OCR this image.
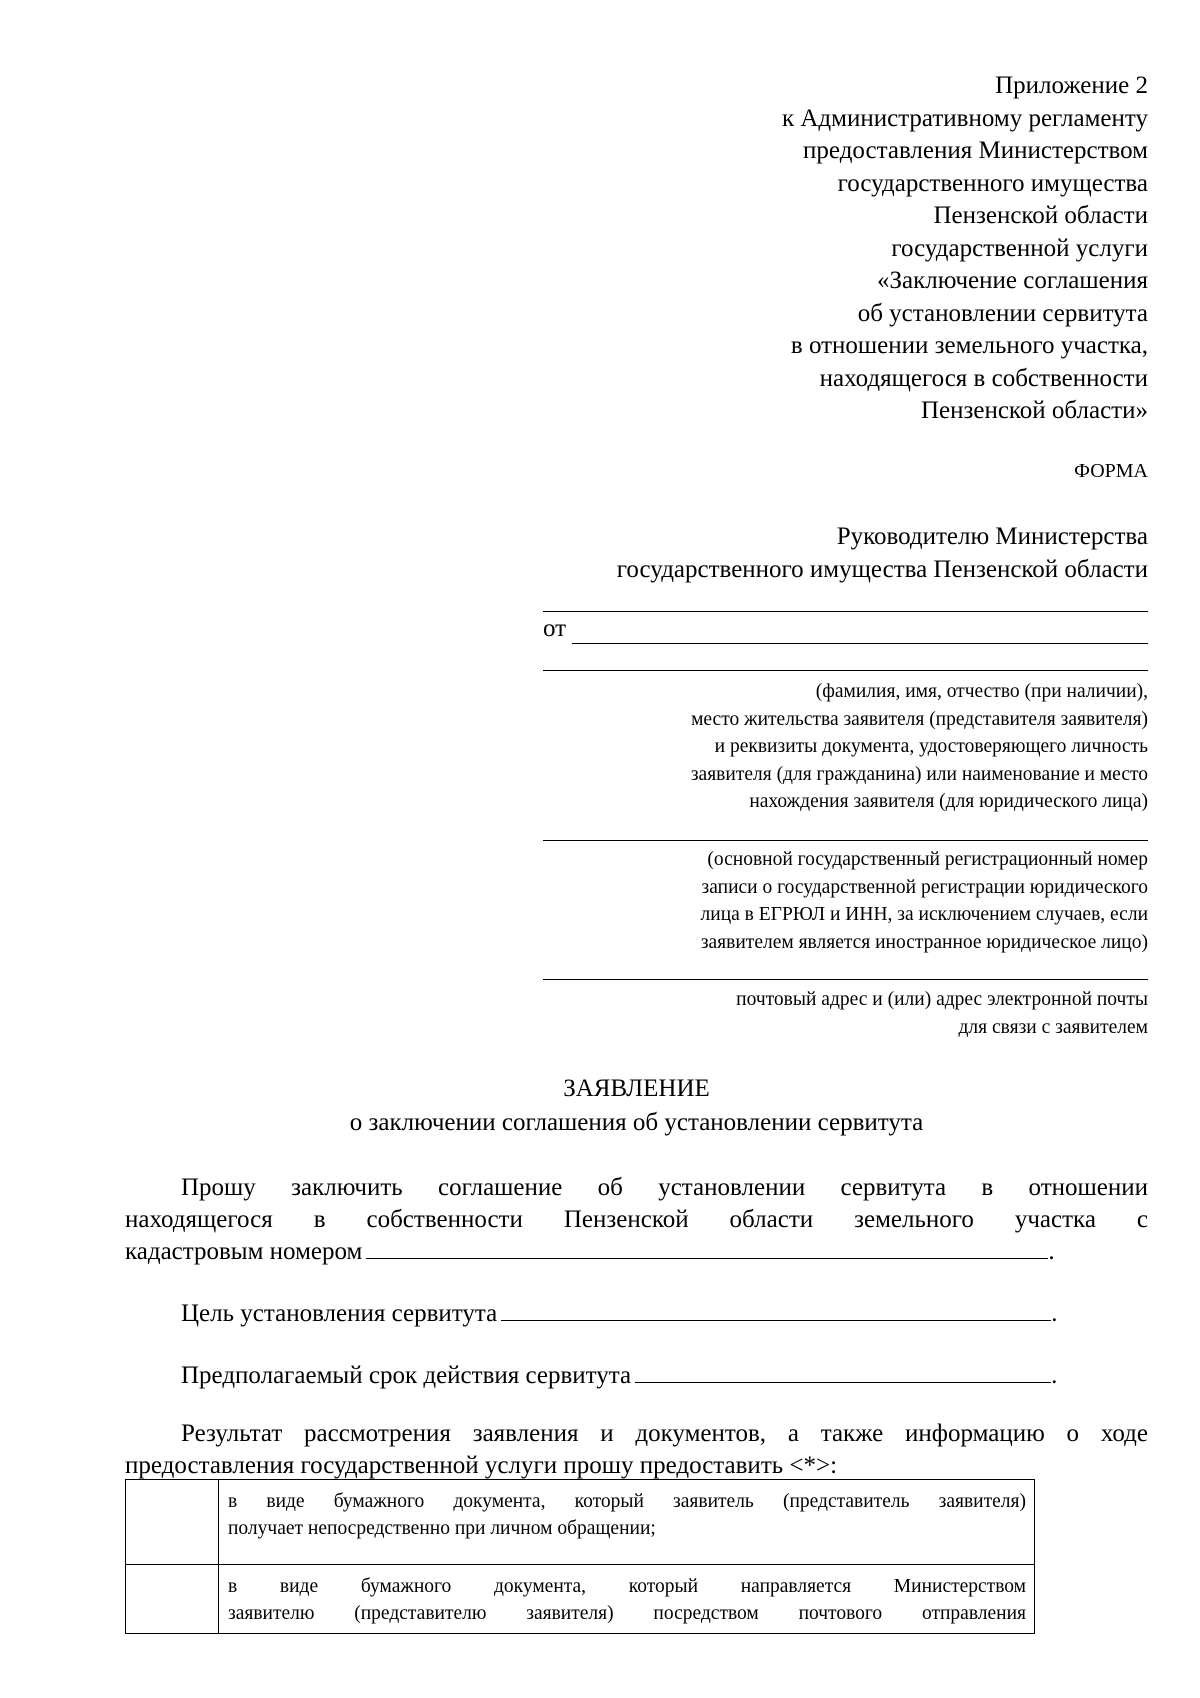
Приложение 2
к Административному регламенту
предоставления Министерством
государственного имущества
Пензенской области
государственной услуги
«Заключение соглашения
об установлении сервитута
в отношении земельного участка,
находящегося в собственности
Пензенской области»
ФОРМА
Руководителю Министерства
государственного имущества Пензенской области
от
(фамилия, имя, отчество (при наличии),
место жительства заявителя (представителя заявителя)
и реквизиты документа, удостоверяющего личность
заявителя (для гражданина) или наименование и место
нахождения заявителя (для юридического лица)
(основной государственный регистрационный номер
записи о государственной регистрации юридического
лица в ЕГРЮЛ и ИНН, за исключением случаев, если
заявителем является иностранное юридическое лицо)
почтовый адрес и (или) адрес электронной почты
для связи с заявителем
ЗАЯВЛЕНИЕ
о заключении соглашения об установлении сервитута
Прошу заключить соглашение об установлении сервитута в отношении
находящегося в собственности Пензенской области земельного участка с
кадастровым номером	.
Цель установления сервитута	.
Предполагаемый срок действия сервитута	.
Результат рассмотрения заявления и документов, а также информацию о ходе
предоставления государственной услуги прошу предоставить <*>:

	в виде бумажного документа, который заявитель (представитель заявителя)
получает непосредственно при личном обращении;

	в виде бумажного документа, который направляется Министерством
заявителю (представителю заявителя) посредством почтового отправления
